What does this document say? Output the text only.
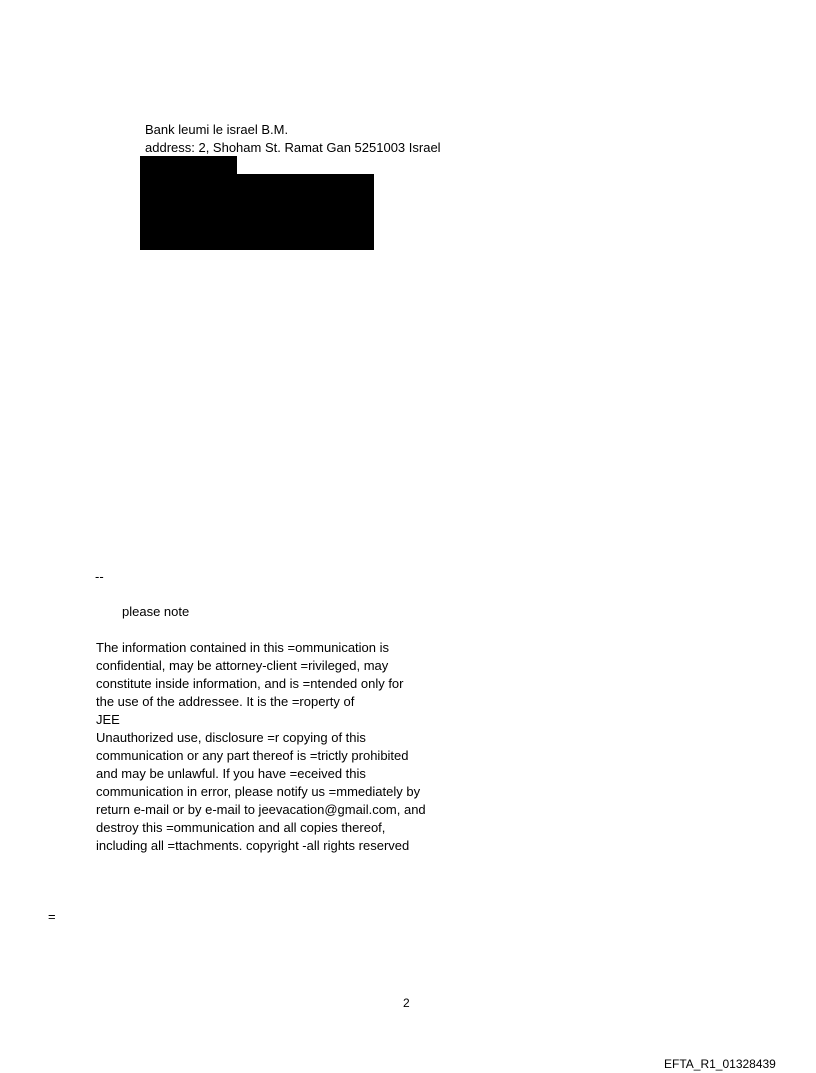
Bank leumi le israel B.M.
address: 2, Shoham St. Ramat Gan 5251003 Israel

--

please note

The information contained in this =ommunication is
confidential, may be attorney-client =rivileged, may
constitute inside information, and is =ntended only for
the use of the addressee. It is the =roperty of
JEE
Unauthorized use, disclosure =r copying of this
communication or any part thereof is =trictly prohibited
and may be unlawful. If you have =eceived this
communication in error, please notify us =mmediately by
return e-mail or by e-mail to jeevacation@gmail.com, and
destroy this =ommunication and all copies thereof,
including all =ttachments. copyright -all rights reserved

=

2

EFTA_R1_01328439
